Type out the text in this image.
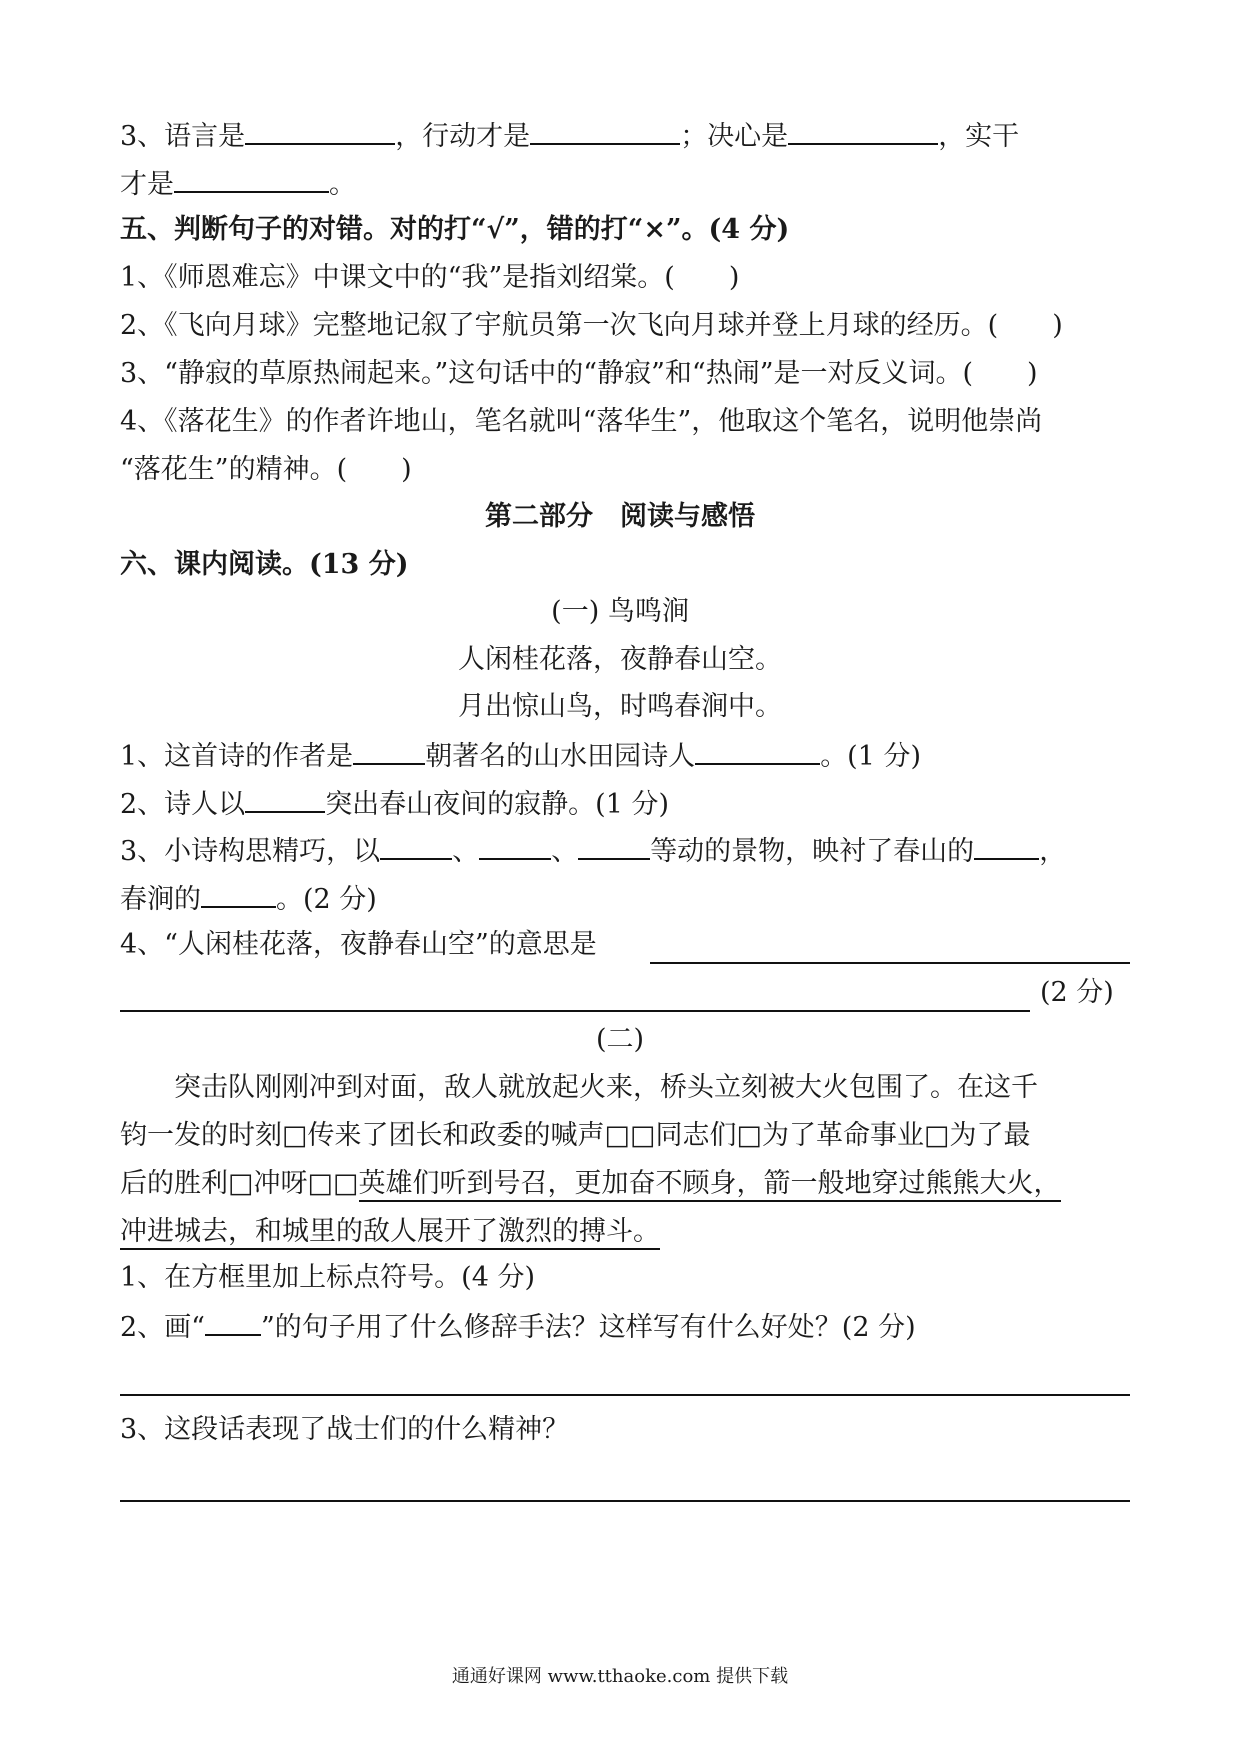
3、语言是	，行动才是	；决心是	，实干
才是	。
五、判断句子的对错。对的打“√”，错的打“×”。(4 分)
1、《师恩难忘》中课文中的“我”是指刘绍棠。(　　)
2、《飞向月球》完整地记叙了宇航员第一次飞向月球并登上月球的经历。(　　)
3、“静寂的草原热闹起来。”这句话中的“静寂”和“热闹”是一对反义词。(　　)
4、《落花生》的作者许地山，笔名就叫“落华生”，他取这个笔名，说明他崇尚
“落花生”的精神。(　　)
第二部分　阅读与感悟
六、课内阅读。(13 分)
(一) 鸟鸣涧
人闲桂花落，夜静春山空。
月出惊山鸟，时鸣春涧中。
1、这首诗的作者是	朝著名的山水田园诗人	。(1 分)
2、诗人以	突出春山夜间的寂静。(1 分)
3、小诗构思精巧，以	、	、	等动的景物，映衬了春山的 ，
春涧的	。(2 分)
4、“人闲桂花落，夜静春山空”的意思是
(2 分)
(二)
突击队刚刚冲到对面，敌人就放起火来，桥头立刻被大火包围了。在这千
钧一发的时刻□传来了团长和政委的喊声□□同志们□为了革命事业□为了最
后的胜利□冲呀□□英雄们听到号召，更加奋不顾身，箭一般地穿过熊熊大火，
冲进城去，和城里的敌人展开了激烈的搏斗。
1、在方框里加上标点符号。(4 分)
2、画“ ”的句子用了什么修辞手法？这样写有什么好处？(2 分)
3、这段话表现了战士们的什么精神？
通通好课网 www.tthaoke.com 提供下载
